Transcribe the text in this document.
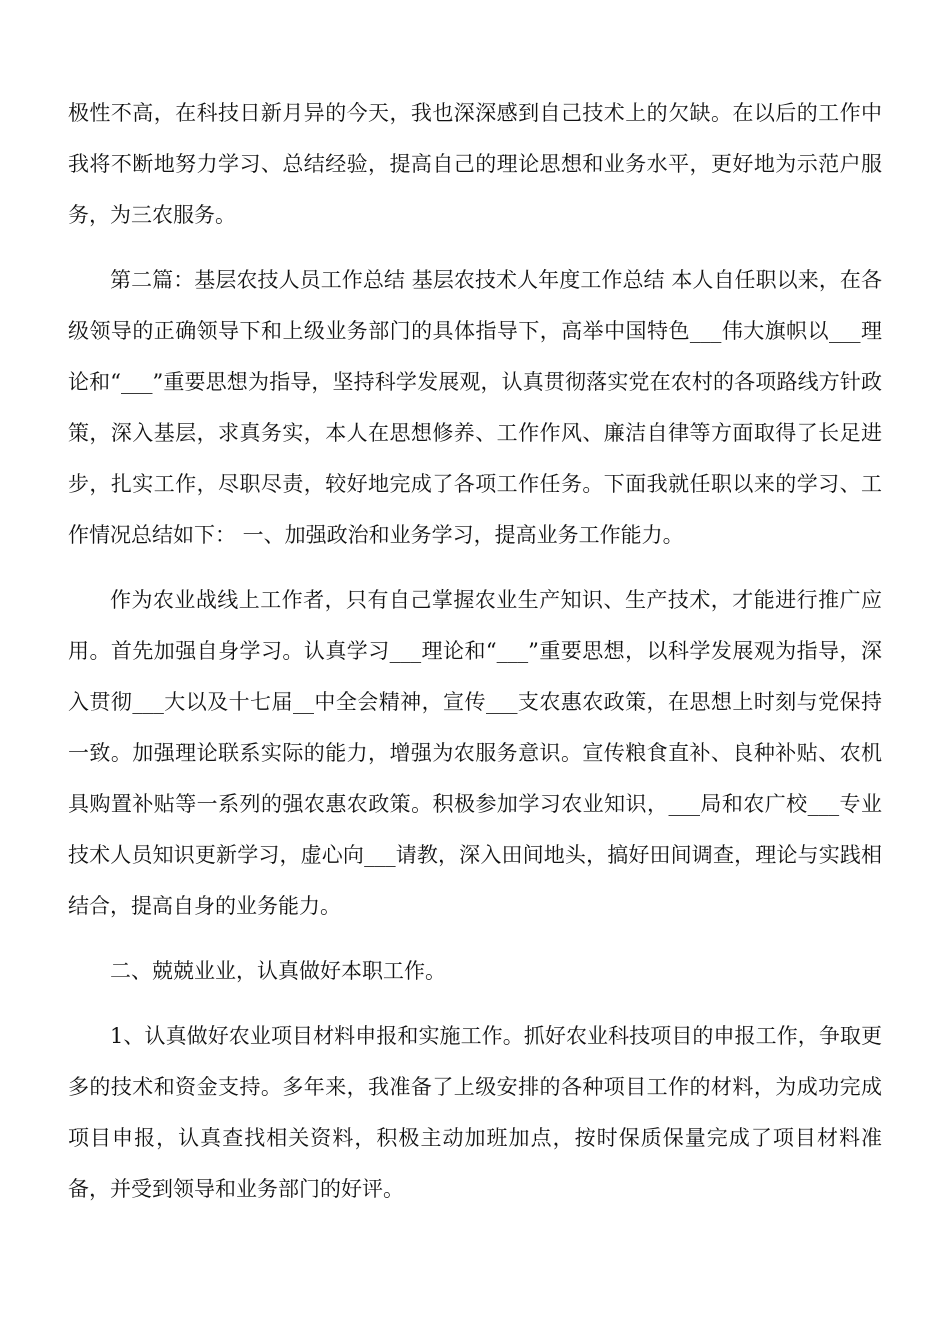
极性不高，在科技日新月异的今天，我也深深感到自己技术上的欠缺。在以后的工作中我将不断地努力学习、总结经验，提高自己的理论思想和业务水平，更好地为示范户服务，为三农服务。

第二篇：基层农技人员工作总结 基层农技术人年度工作总结 本人自任职以来，在各级领导的正确领导下和上级业务部门的具体指导下，高举中国特色___伟大旗帜以___理论和“___”重要思想为指导，坚持科学发展观，认真贯彻落实党在农村的各项路线方针政策，深入基层，求真务实，本人在思想修养、工作作风、廉洁自律等方面取得了长足进步，扎实工作，尽职尽责，较好地完成了各项工作任务。下面我就任职以来的学习、工作情况总结如下： 一、加强政治和业务学习，提高业务工作能力。

作为农业战线上工作者，只有自己掌握农业生产知识、生产技术，才能进行推广应用。首先加强自身学习。认真学习___理论和“___”重要思想，以科学发展观为指导，深入贯彻___大以及十七届__中全会精神，宣传___支农惠农政策，在思想上时刻与党保持一致。加强理论联系实际的能力，增强为农服务意识。宣传粮食直补、良种补贴、农机具购置补贴等一系列的强农惠农政策。积极参加学习农业知识，___局和农广校___专业技术人员知识更新学习，虚心向___请教，深入田间地头，搞好田间调查，理论与实践相结合，提高自身的业务能力。

二、兢兢业业，认真做好本职工作。

1、认真做好农业项目材料申报和实施工作。抓好农业科技项目的申报工作，争取更多的技术和资金支持。多年来，我准备了上级安排的各种项目工作的材料，为成功完成项目申报，认真查找相关资料，积极主动加班加点，按时保质保量完成了项目材料准备，并受到领导和业务部门的好评。
